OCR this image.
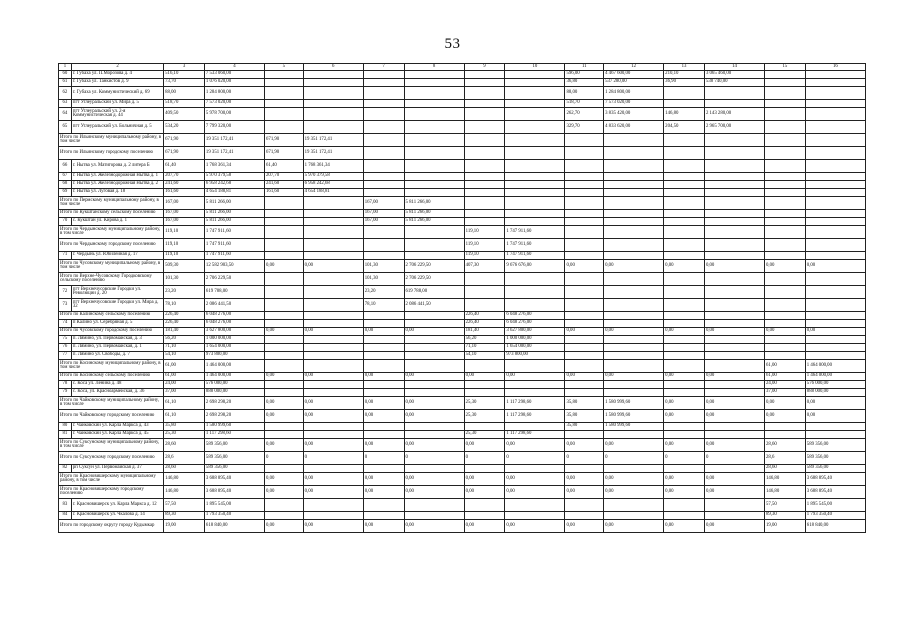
53
1	2	3	4	5	6	7	8	9	10	11	12	13	14	15	16
60	г. Губаха ул. П.Морозова д. 4	516,10	7 533 060,00							596,00	4 467 600,00	210,10	3 065 460,00		
61	г. Губаха ул. Танкистов д. 9	73,70	1 076 020,00							36,80	537 280,00	36,90	538 740,00		
62	г. Губаха ул. Коммунистический д. 69	88,00	1 284 800,00							88,00	1 284 800,00				
63	пгт Углеуральский ул. Мира д. 5	518,70	7 573 020,00							518,70	7 573 020,00				
64	пгт Углеуральский ул. 2-я Коммунистическая д. 44	409,50	5 978 700,00							262,70	3 835 420,00	146,80	2 143 280,00		
65	пгт Углеуральский ул. Больничная д. 5	534,20	7 799 320,00							329,70	4 833 620,00	204,50	2 965 700,00		
Итого по Ильинскому муниципальному району, в том числе		671,90	19 351 172,41	671,90	19 351 172,41										
Итого по Ильинскому городскому поселению		671,90	19 351 172,41	671,90	19 351 172,41										
66	г. Нытва ул. Матигорова д. 2 литера Б	61,40	1 768 361,34	61,40	1 768 361,34										
67	г. Нытва ул. Железнодорожная Нытва д. 1	207,70	5 970 379,58	207,70	5 970 379,58										
68	г. Нытва ул. Железнодорожная Нытва д. 2	241,60	6 958 242,68	241,60	6 958 242,68										
69	г. Нытва ул. Луговая д. 18	161,60	4 654 188,81	161,60	4 654 188,81										
Итого по Пермскому муниципальному району, в том числе		167,00	5 811 266,00			167,00	5 811 266,00								
Итого по Кукштанскому сельскому поселению		167,00	5 811 266,00			167,00	5 811 266,00								
70	с. Кукштан ул. Кирова д. 1	167,00	5 811 266,00			167,00	5 811 266,00								
Итого по Чердынскому муниципальному району, в том числе		119,10	1 747 911,60					119,10	1 747 911,60						
Итого по Чердынскому городскому поселению		119,10	1 747 911,60					119,10	1 747 911,60						
71	г. Чердынь ул. Юбилейная д. 17	119,10	1 747 911,60					119,10	1 747 911,60						
Итого по Чусовскому муниципальному району, в том числе		509,30	12 582 903,50	0,00	0,00	101,30	2 706 229,50	407,30	9 676 676,00	0,00	0,00	0,00	0,00	0,00	0,00
Итого по Верхне-Чусовскому Городковскому сельскому поселению		101,30	2 706 229,50			101,30	2 706 229,50								
72	пгт Верхнечусовские Городки ул. Революции д. 20	23,20	619 788,00			23,20	619 788,00								
73	пгт Верхнечусовские Городки ул. Мира д. 32	78,10	2 086 441,50			78,10	2 086 441,50								
Итого по Калинскому сельскому поселению		226,40	6 048 276,00					226,40	6 048 276,00						
74	п Калино ул. Серебряная д. 5	226,40	6 048 276,00					226,40	6 048 276,00						
Итого по Чусовскому городскому поселению		181,40	3 627 800,00	0,00	0,00	0,00	0,00	181,40	3 627 800,00	0,00	0,00	0,00	0,00	0,00	0,00
75	п. Лямино, ул. Первомайская, д. 3	56,20	1 000 000,00					56,20	1 000 000,00						
76	п. Лямино, ул. Первомайская, д. 1	71,10	1 654 000,00					71,10	1 654 000,00						
77	п. Лямино ул. Свободы, д. 7	54,10	973 800,00					54,10	973 800,00						
Итого по Косинскому муниципальному району, в том числе		61,00	1 464 000,00											61,00	1 464 000,00
Итого по Косинскому сельскому поселению		61,00	1 464 000,00	0,00	0,00	0,00	0,00	0,00	0,00	0,00	0,00	0,00	0,00	61,00	1 464 000,00
78	с. Коса ул. Ленина д. 48	24,00	576 000,00											24,00	576 000,00
79	с. Коса, ул. Красноармейская, д. 36	37,00	888 000,00											37,00	888 000,00
Итого по Чайковскому муниципальному району, в том числе		61,10	2 698 298,20	0,00	0,00	0,00	0,00	25,30	1 117 298,60	35,80	1 580 999,60	0,00	0,00	0,00	0,00
Итого по Чайковскому городскому поселению		61,10	2 698 298,20	0,00	0,00	0,00	0,00	25,30	1 117 298,60	35,80	1 580 999,60	0,00	0,00	0,00	0,00
80	г. Чайковский ул. Карла Маркса д. 43	35,80	1 580 999,60							35,80	1 580 999,60				
81	г. Чайковский ул. Карла Маркса д. 45	25,30	1 117 298,60					25,30	1 117 298,60						
Итого по Суксунскому муниципальному району, в том числе		28,60	589 356,00	0,00	0,00	0,00	0,00	0,00	0,00	0,00	0,00	0,00	0,00	28,60	589 356,00
Итого по Суксунскому городскому поселению		28,6	589 356,00	0	0	0	0	0	0	0	0	0	0	28,6	589 356,00
82	рп Суксун ул. Первомайская д. 37	28,60	589 356,00											28,60	589 356,00
Итого по Красновишерскому муниципальному району, в том числе		146,80	3 688 895,40	0,00	0,00	0,00	0,00	0,00	0,00	0,00	0,00	0,00	0,00	146,80	3 688 895,40
Итого по Красновишерскому городскому поселению		146,80	3 688 895,40	0,00	0,00	0,00	0,00	0,00	0,00	0,00	0,00	0,00	0,00	146,80	3 688 895,40
83	г. Красновишерск ул. Карла Маркса д. 12	57,50	1 895 545,00											57,50	1 895 545,00
84	г. Красновишерск ул. Чкалова д. 14	89,30	1 793 350,40											89,30	1 793 350,40
Итого по городскому округу городу Кудымкар		19,00	618 840,00	0,00	0,00	0,00	0,00	0,00	0,00	0,00	0,00	0,00	0,00	19,00	618 840,00
